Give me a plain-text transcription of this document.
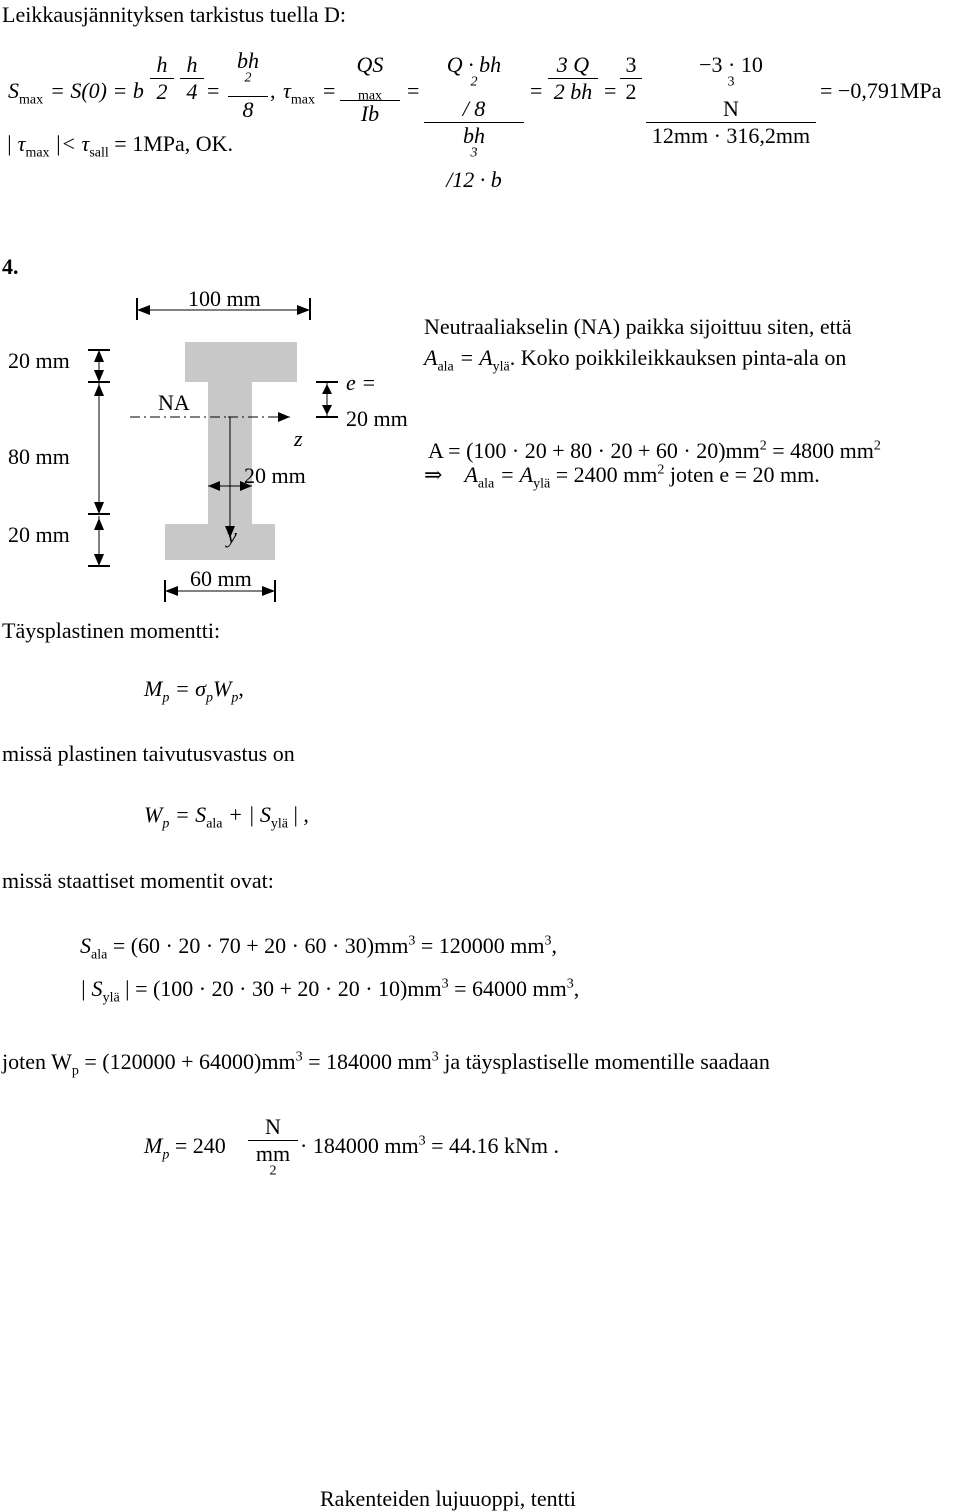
Leikkausjännityksen tarkistus tuella D:
$S_{max} = S(0) = b$
h
2
h
4 =
bh
$^2$
8
, $\tau_{max}$ =
QS
$_{max}$
Ib
=
Q · bh
$^2$
/ 8
bh
$^3$
/12 · b
=
3 Q
2 bh =
3
2
−3 · 10
$^3$
N
12mm · 316,2mm
= −0,791MPa
| $\tau_{max}$ |< $\tau_{sall} = 1MPa$, OK.
4.
100 mm
20 mm
80 mm
20 mm
20 mm
60 mm
NA
z
y
e =
20 mm
Neutraaliakselin (NA) paikka sijoittuu siten, että
$A_{ala} = A_{ylä}$. Koko poikkileikkauksen pinta-ala on
$A = (100 \cdot 20 + 80 \cdot 20 + 60 \cdot 20)mm^2 = 4800$ $mm^2$
⇒ $A_{ala} = A_{ylä} = 2400$ $mm^2$ joten e = 20 mm.
Täysplastinen momentti:
$M_p = \sigma_pW_p$,
missä plastinen taivutusvastus on
$W_p = S_{ala}$ + | $S_{ylä}$ | ,
missä staattiset momentit ovat:
$S_{ala} = (60 \cdot 20 \cdot 70 + 20 \cdot 60 \cdot 30)mm^3 = 120000$ $mm^3$,
| $S_{ylä}$ | = $(100 \cdot 20 \cdot 30 + 20 \cdot 20 \cdot 10)mm^3 = 64000$ $mm^3$,
joten $W_p = (120000 + 64000)mm^3 = 184000$ $mm^3$ ja täysplastiselle momentille saadaan
$M_p = 240$
N
mm
$^2$
· 184000 $mm^3 = 44.16$ kNm .
Rakenteiden lujuuoppi, tentti
